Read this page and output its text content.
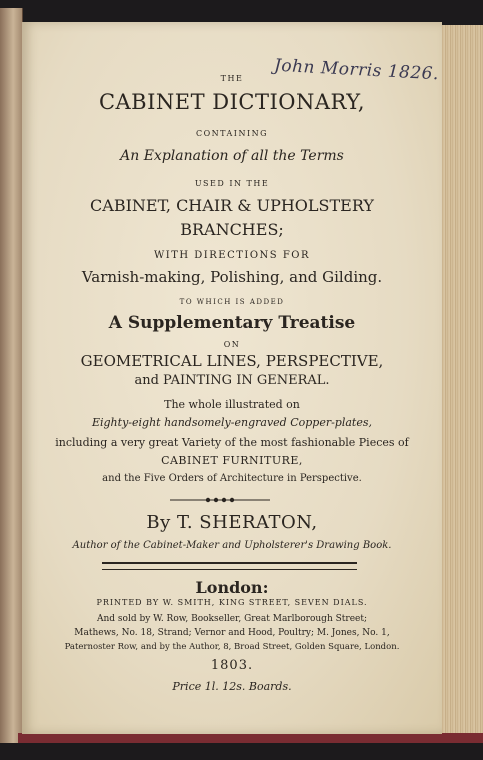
John Morris 1826.
THE
CABINET DICTIONARY,
CONTAINING
An Explanation of all the Terms
USED IN THE
CABINET, CHAIR & UPHOLSTERY
BRANCHES;
WITH DIRECTIONS FOR
Varnish-making, Polishing, and Gilding.
TO WHICH IS ADDED
A Supplementary Treatise
ON
GEOMETRICAL LINES, PERSPECTIVE,
and PAINTING IN GENERAL.
The whole illustrated on
Eighty-eight handsomely-engraved Copper-plates,
including a very great Variety of the most fashionable Pieces of
CABINET FURNITURE,
and the Five Orders of Architecture in Perspective.
By T. SHERATON,
Author of the Cabinet-Maker and Upholsterer's Drawing Book.
London:
PRINTED BY W. SMITH, KING STREET, SEVEN DIALS.
And sold by W. Row, Bookseller, Great Marlborough Street;
Mathews, No. 18, Strand; Vernor and Hood, Poultry; M. Jones, No. 1,
Paternoster Row, and by the Author, 8, Broad Street, Golden Square, London.
1803.
Price 1l. 12s. Boards.
